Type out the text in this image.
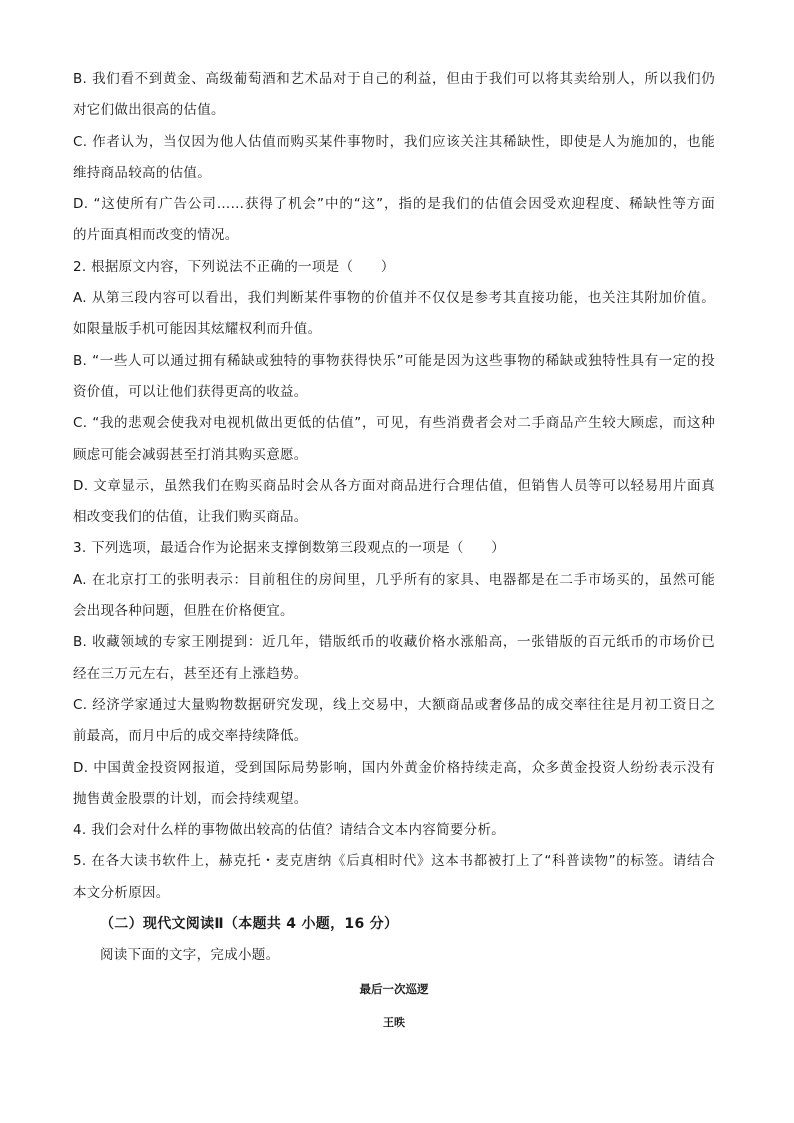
B. 我们看不到黄金、高级葡萄酒和艺术品对于自己的利益，但由于我们可以将其卖给别人，所以我们仍
对它们做出很高的估值。
C. 作者认为，当仅因为他人估值而购买某件事物时，我们应该关注其稀缺性，即使是人为施加的，也能
维持商品较高的估值。
D. “这使所有广告公司……获得了机会”中的“这”，指的是我们的估值会因受欢迎程度、稀缺性等方面
的片面真相而改变的情况。
2. 根据原文内容，下列说法不正确的一项是（　　）
A. 从第三段内容可以看出，我们判断某件事物的价值并不仅仅是参考其直接功能，也关注其附加价值。
如限量版手机可能因其炫耀权利而升值。
B. “一些人可以通过拥有稀缺或独特的事物获得快乐”可能是因为这些事物的稀缺或独特性具有一定的投
资价值，可以让他们获得更高的收益。
C. “我的悲观会使我对电视机做出更低的估值”，可见，有些消费者会对二手商品产生较大顾虑，而这种
顾虑可能会减弱甚至打消其购买意愿。
D. 文章显示，虽然我们在购买商品时会从各方面对商品进行合理估值，但销售人员等可以轻易用片面真
相改变我们的估值，让我们购买商品。
3. 下列选项，最适合作为论据来支撑倒数第三段观点的一项是（　　）
A. 在北京打工的张明表示：目前租住的房间里，几乎所有的家具、电器都是在二手市场买的，虽然可能
会出现各种问题，但胜在价格便宜。
B. 收藏领域的专家王刚提到：近几年，错版纸币的收藏价格水涨船高，一张错版的百元纸币的市场价已
经在三万元左右，甚至还有上涨趋势。
C. 经济学家通过大量购物数据研究发现，线上交易中，大额商品或奢侈品的成交率往往是月初工资日之
前最高，而月中后的成交率持续降低。
D. 中国黄金投资网报道，受到国际局势影响，国内外黄金价格持续走高，众多黄金投资人纷纷表示没有
抛售黄金股票的计划，而会持续观望。
4. 我们会对什么样的事物做出较高的估值？请结合文本内容简要分析。
5. 在各大读书软件上，赫克托・麦克唐纳《后真相时代》这本书都被打上了“科普读物”的标签。请结合
本文分析原因。
（二）现代文阅读Ⅱ（本题共 4 小题，16 分）
阅读下面的文字，完成小题。
最后一次巡逻
王昳
